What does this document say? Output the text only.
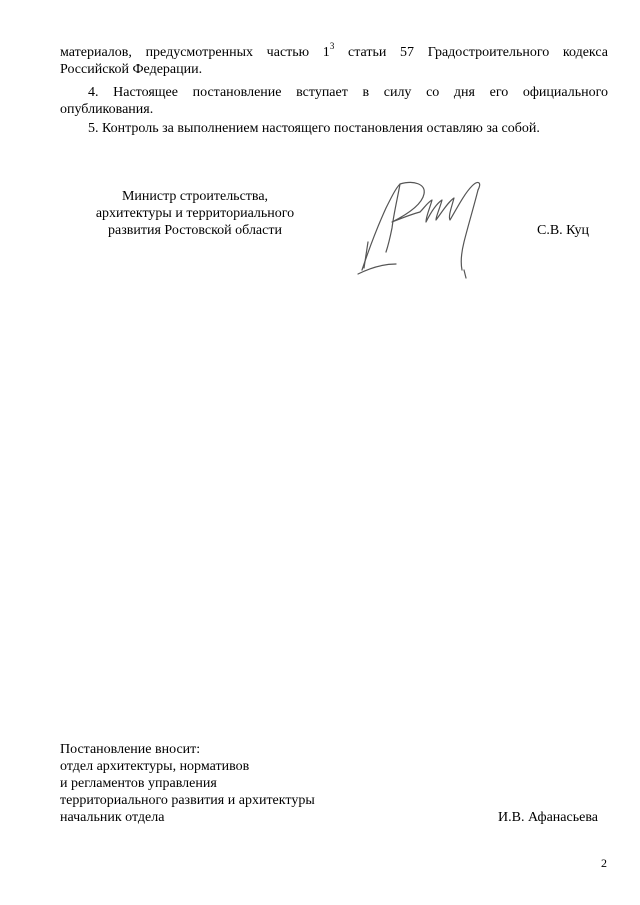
материалов, предусмотренных частью $1^3$ статьи 57 Градостроительного кодекса
Российской Федерации.
4. Настоящее постановление вступает в силу со дня его официального
опубликования.
5. Контроль за выполнением настоящего постановления оставляю за собой.
Министр строительства,
архитектуры и территориального
развития Ростовской области	С.В. Куц
Постановление вносит:
отдел архитектуры, нормативов
и регламентов управления
территориального развития и архитектуры
начальник отдела	И.В. Афанасьева
2
